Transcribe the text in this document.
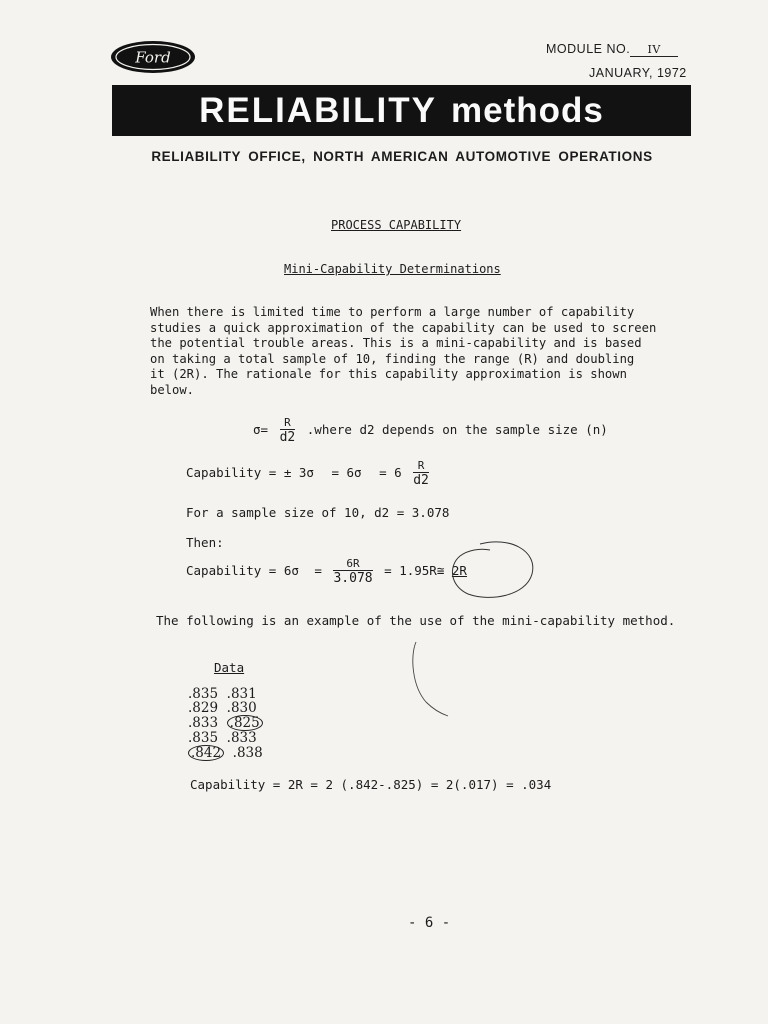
Ford	MODULE NO. IV
JANUARY, 1972
RELIABILITY methods
RELIABILITY OFFICE, NORTH AMERICAN AUTOMOTIVE OPERATIONS
PROCESS CAPABILITY
Mini-Capability Determinations
When there is limited time to perform a large number of capability
studies a quick approximation of the capability can be used to screen
the potential trouble areas. This is a mini-capability and is based
on taking a total sample of 10, finding the range (R) and doubling
it (2R). The rationale for this capability approximation is shown
below.
$\sigma= \frac{R}{d2}$ .where d2 depends on the sample size (n)
Capability = ± $3\sigma = 6\sigma = 6 \frac{R}{d2}$
For a sample size of 10, d2 = 3.078
Then:
Capability = $6\sigma = \frac{6R}{3.078}$ = 1.95R≅ 2R
The following is an example of the use of the mini-capability method.
Data
.835 .831
.829 .830
.833 .825
.835 .833
.842 .838
Capability = 2R = 2 (.842-.825) = 2(.017) = .034
- 6 -
